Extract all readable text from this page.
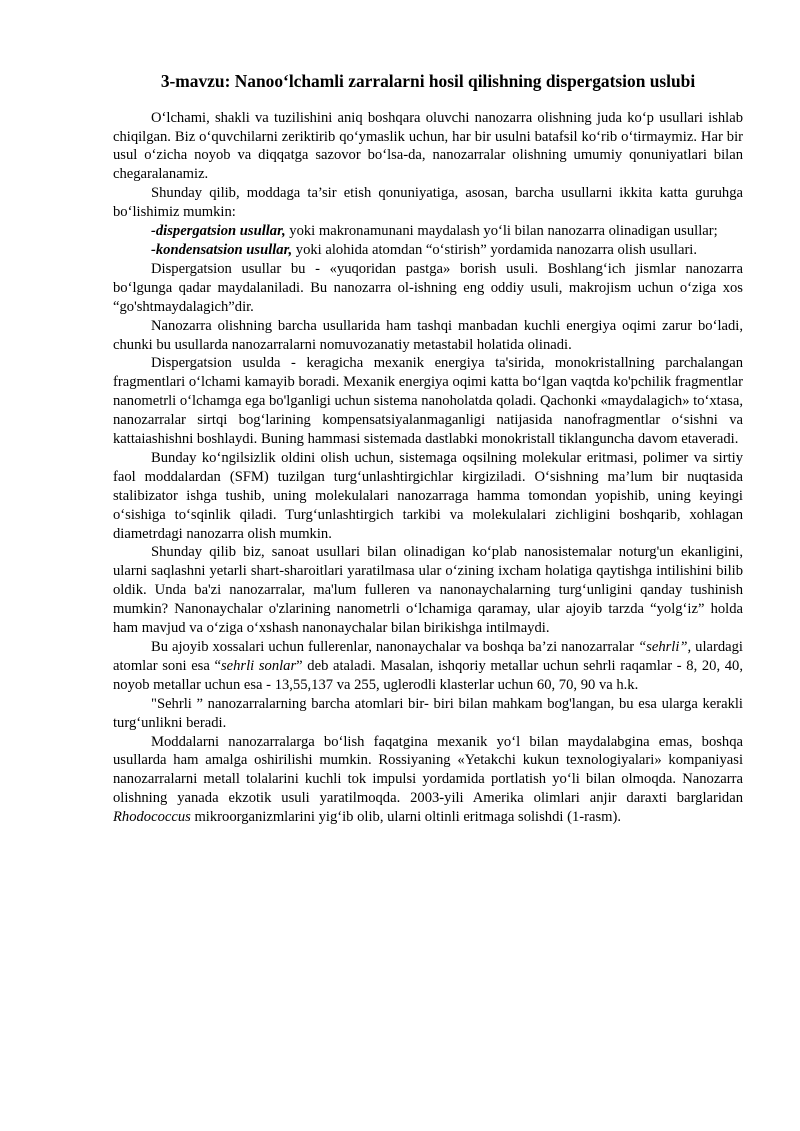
3-mavzu: Nanoo‘lchamli zarralarni hosil qilishning dispergatsion uslubi

O‘lchami, shakli va tuzilishini aniq boshqara oluvchi nanozarra olishning juda ko‘p usullari ishlab chiqilgan. Biz o‘quvchilarni zeriktirib qo‘ymaslik uchun, har bir usulni batafsil ko‘rib o‘tirmaymiz. Har bir usul o‘zicha noyob va diqqatga sazovor bo‘lsa-da, nanozarralar olishning umumiy qonuniyatlari bilan chegaralanamiz.

Shunday qilib, moddaga ta’sir etish qonuniyatiga, asosan, barcha usullarni ikkita katta guruhga bo‘lishimiz mumkin:

-dispergatsion usullar, yoki makronamunani maydalash yo‘li bilan nanozarra olinadigan usullar;

-kondensatsion usullar, yoki alohida atomdan “o‘stirish” yordamida nanozarra olish usullari.

Dispergatsion usullar bu - «yuqoridan pastga» borish usuli. Boshlang‘ich jismlar nanozarra bo‘lgunga qadar maydalaniladi. Bu nanozarra ol-ishning eng oddiy usuli, makrojism uchun o‘ziga xos “go'shtmaydalagich”dir.

Nanozarra olishning barcha usullarida ham tashqi manbadan kuchli energiya oqimi zarur bo‘ladi, chunki bu usullarda nanozarralarni nomuvozanatiy metastabil holatida olinadi.

Dispergatsion usulda - keragicha mexanik energiya ta'sirida, monokristallning parchalangan fragmentlari o‘lchami kamayib boradi. Mexanik energiya oqimi katta bo‘lgan vaqtda ko'pchilik fragmentlar nanometrli o‘lchamga ega bo'lganligi uchun sistema nanoholatda qoladi. Qachonki «maydalagich» to‘xtasa, nanozarralar sirtqi bog‘larining kompensatsiyalanmaganligi natijasida nanofragmentlar o‘sishni va kattaiashishni boshlaydi. Buning hammasi sistemada dastlabki monokristall tiklanguncha davom etaveradi.

Bunday ko‘ngilsizlik oldini olish uchun, sistemaga oqsilning molekular eritmasi, polimer va sirtiy faol moddalardan (SFM) tuzilgan turg‘unlashtirgichlar kirgiziladi. O‘sishning ma’lum bir nuqtasida stalibizator ishga tushib, uning molekulalari nanozarraga hamma tomondan yopishib, uning keyingi o‘sishiga to‘sqinlik qiladi. Turg‘unlashtirgich tarkibi va molekulalari zichligini boshqarib, xohlagan diametrdagi nanozarra olish mumkin.

Shunday qilib biz, sanoat usullari bilan olinadigan ko‘plab nanosistemalar noturg'un ekanligini, ularni saqlashni yetarli shart-sharoitlari yaratilmasa ular o‘zining ixcham holatiga qaytishga intilishini bilib oldik. Unda ba'zi nanozarralar, ma'lum fulleren va nanonaychalarning turg‘unligini qanday tushinish mumkin? Nanonaychalar o'zlarining nanometrli o‘lchamiga qaramay, ular ajoyib tarzda “yolg‘iz” holda ham mavjud va o‘ziga o‘xshash nanonaychalar bilan birikishga intilmaydi.

Bu ajoyib xossalari uchun fullerenlar, nanonaychalar va boshqa ba’zi nanozarralar “sehrli”, ulardagi atomlar soni esa “sehrli sonlar” deb ataladi. Masalan, ishqoriy metallar uchun sehrli raqamlar - 8, 20, 40, noyob metallar uchun esa - 13,55,137 va 255, uglerodli klasterlar uchun 60, 70, 90 va h.k.

"Sehrli ” nanozarralarning barcha atomlari bir- biri bilan mahkam bog'langan, bu esa ularga kerakli turg‘unlikni beradi.

Moddalarni nanozarralarga bo‘lish faqatgina mexanik yo‘l bilan maydalabgina emas, boshqa usullarda ham amalga oshirilishi mumkin. Rossiyaning «Yetakchi kukun texnologiyalari» kompaniyasi nanozarralarni metall tolalarini kuchli tok impulsi yordamida portlatish yo‘li bilan olmoqda. Nanozarra olishning yanada ekzotik usuli yaratilmoqda. 2003-yili Amerika olimlari anjir daraxti barglaridan Rhodococcus mikroorganizmlarini yig‘ib olib, ularni oltinli eritmaga solishdi (1-rasm).
